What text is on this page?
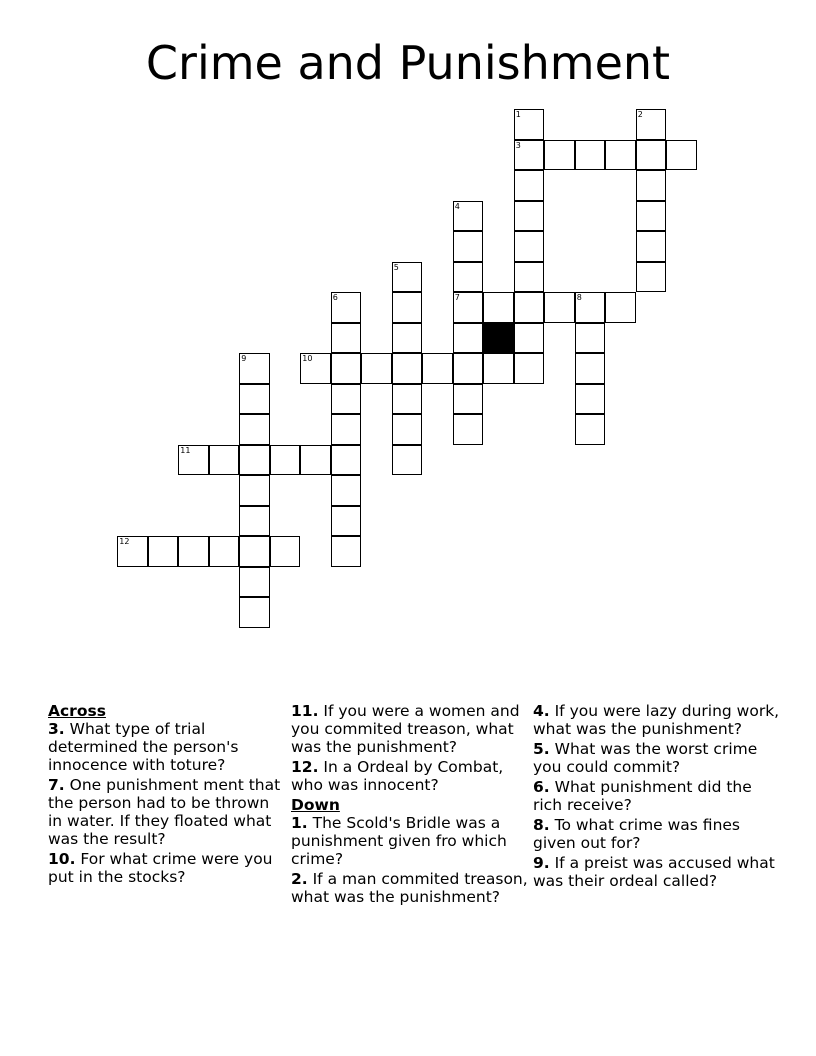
Crime and Punishment
1
3
2
4
7
5
6	8
9	10
11
12
Across
3. What type of trial determined the person's innocence with toture?
7. One punishment ment that the person had to be thrown in water. If they floated what was the result?
10. For what crime were you put in the stocks?
11. If you were a women and you commited treason, what was the punishment?
12. In a Ordeal by Combat, who was innocent?
Down
1. The Scold's Bridle was a punishment given fro which crime?
2. If a man commited treason, what was the punishment?
4. If you were lazy during work, what was the punishment?
5. What was the worst crime you could commit?
6. What punishment did the rich receive?
8. To what crime was fines given out for?
9. If a preist was accused what was their ordeal called?
